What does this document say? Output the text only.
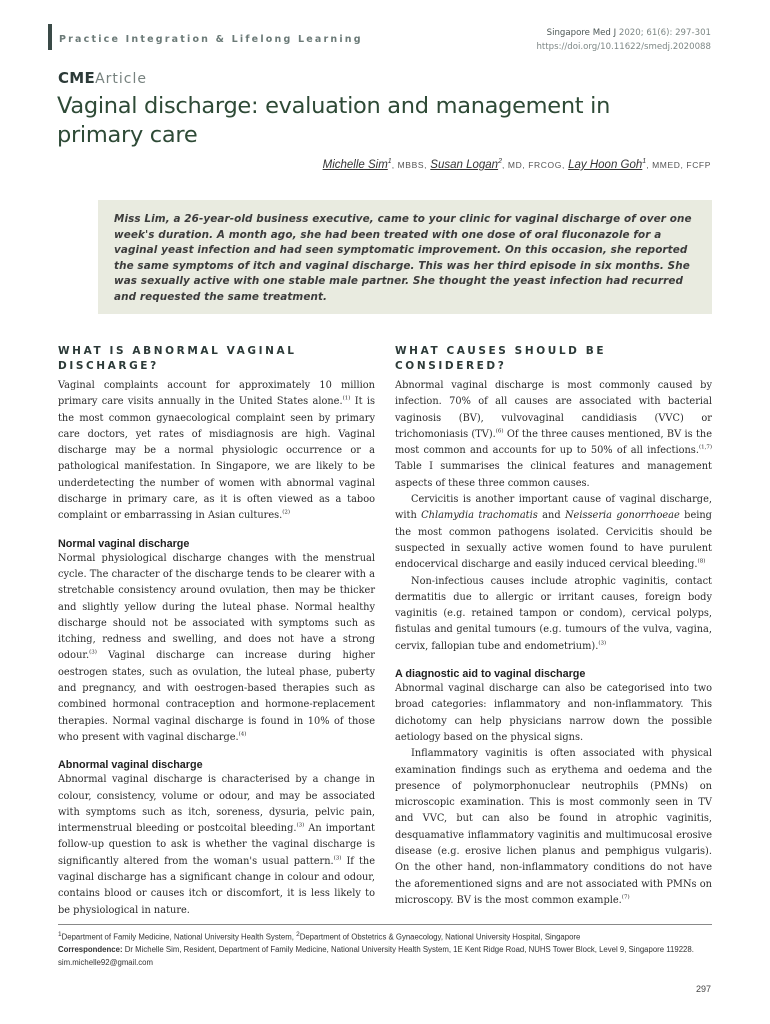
Practice Integration & Lifelong Learning
Singapore Med J 2020; 61(6): 297-301
https://doi.org/10.11622/smedj.2020088
CMEArticle
Vaginal discharge: evaluation and management in primary care
Michelle Sim$^1$, MBBS, Susan Logan$^2$, MD, FRCOG, Lay Hoon Goh$^1$, MMED, FCFP
Miss Lim, a 26-year-old business executive, came to your clinic for vaginal discharge of over one week's duration. A month ago, she had been treated with one dose of oral fluconazole for a vaginal yeast infection and had seen symptomatic improvement. On this occasion, she reported the same symptoms of itch and vaginal discharge. This was her third episode in six months. She was sexually active with one stable male partner. She thought the yeast infection had recurred and requested the same treatment.
WHAT IS ABNORMAL VAGINAL DISCHARGE?

Vaginal complaints account for approximately 10 million primary care visits annually in the United States alone.$^{(1)}$ It is the most common gynaecological complaint seen by primary care doctors, yet rates of misdiagnosis are high. Vaginal discharge may be a normal physiologic occurrence or a pathological manifestation. In Singapore, we are likely to be underdetecting the number of women with abnormal vaginal discharge in primary care, as it is often viewed as a taboo complaint or embarrassing in Asian cultures.$^{(2)}$

Normal vaginal discharge

Normal physiological discharge changes with the menstrual cycle. The character of the discharge tends to be clearer with a stretchable consistency around ovulation, then may be thicker and slightly yellow during the luteal phase. Normal healthy discharge should not be associated with symptoms such as itching, redness and swelling, and does not have a strong odour.$^{(3)}$ Vaginal discharge can increase during higher oestrogen states, such as ovulation, the luteal phase, puberty and pregnancy, and with oestrogen-based therapies such as combined hormonal contraception and hormone-replacement therapies. Normal vaginal discharge is found in 10% of those who present with vaginal discharge.$^{(4)}$

Abnormal vaginal discharge

Abnormal vaginal discharge is characterised by a change in colour, consistency, volume or odour, and may be associated with symptoms such as itch, soreness, dysuria, pelvic pain, intermenstrual bleeding or postcoital bleeding.$^{(3)}$ An important follow-up question to ask is whether the vaginal discharge is significantly altered from the woman's usual pattern.$^{(3)}$ If the vaginal discharge has a significant change in colour and odour, contains blood or causes itch or discomfort, it is less likely to be physiological in nature.

WHAT CAUSES SHOULD BE CONSIDERED?

Abnormal vaginal discharge is most commonly caused by infection. 70% of all causes are associated with bacterial vaginosis (BV), vulvovaginal candidiasis (VVC) or trichomoniasis (TV).$^{(6)}$ Of the three causes mentioned, BV is the most common and accounts for up to 50% of all infections.$^{(1,7)}$ Table I summarises the clinical features and management aspects of these three common causes.

Cervicitis is another important cause of vaginal discharge, with Chlamydia trachomatis and Neisseria gonorrhoeae being the most common pathogens isolated. Cervicitis should be suspected in sexually active women found to have purulent endocervical discharge and easily induced cervical bleeding.$^{(8)}$

Non-infectious causes include atrophic vaginitis, contact dermatitis due to allergic or irritant causes, foreign body vaginitis (e.g. retained tampon or condom), cervical polyps, fistulas and genital tumours (e.g. tumours of the vulva, vagina, cervix, fallopian tube and endometrium).$^{(3)}$

A diagnostic aid to vaginal discharge

Abnormal vaginal discharge can also be categorised into two broad categories: inflammatory and non-inflammatory. This dichotomy can help physicians narrow down the possible aetiology based on the physical signs.

Inflammatory vaginitis is often associated with physical examination findings such as erythema and oedema and the presence of polymorphonuclear neutrophils (PMNs) on microscopic examination. This is most commonly seen in TV and VVC, but can also be found in atrophic vaginitis, desquamative inflammatory vaginitis and multimucosal erosive disease (e.g. erosive lichen planus and pemphigus vulgaris). On the other hand, non-inflammatory conditions do not have the aforementioned signs and are not associated with PMNs on microscopy. BV is the most common example.$^{(7)}$

$^1$Department of Family Medicine, National University Health System, $^2$Department of Obstetrics & Gynaecology, National University Hospital, Singapore
Correspondence: Dr Michelle Sim, Resident, Department of Family Medicine, National University Health System, 1E Kent Ridge Road, NUHS Tower Block, Level 9, Singapore 119228. sim.michelle92@gmail.com
297
